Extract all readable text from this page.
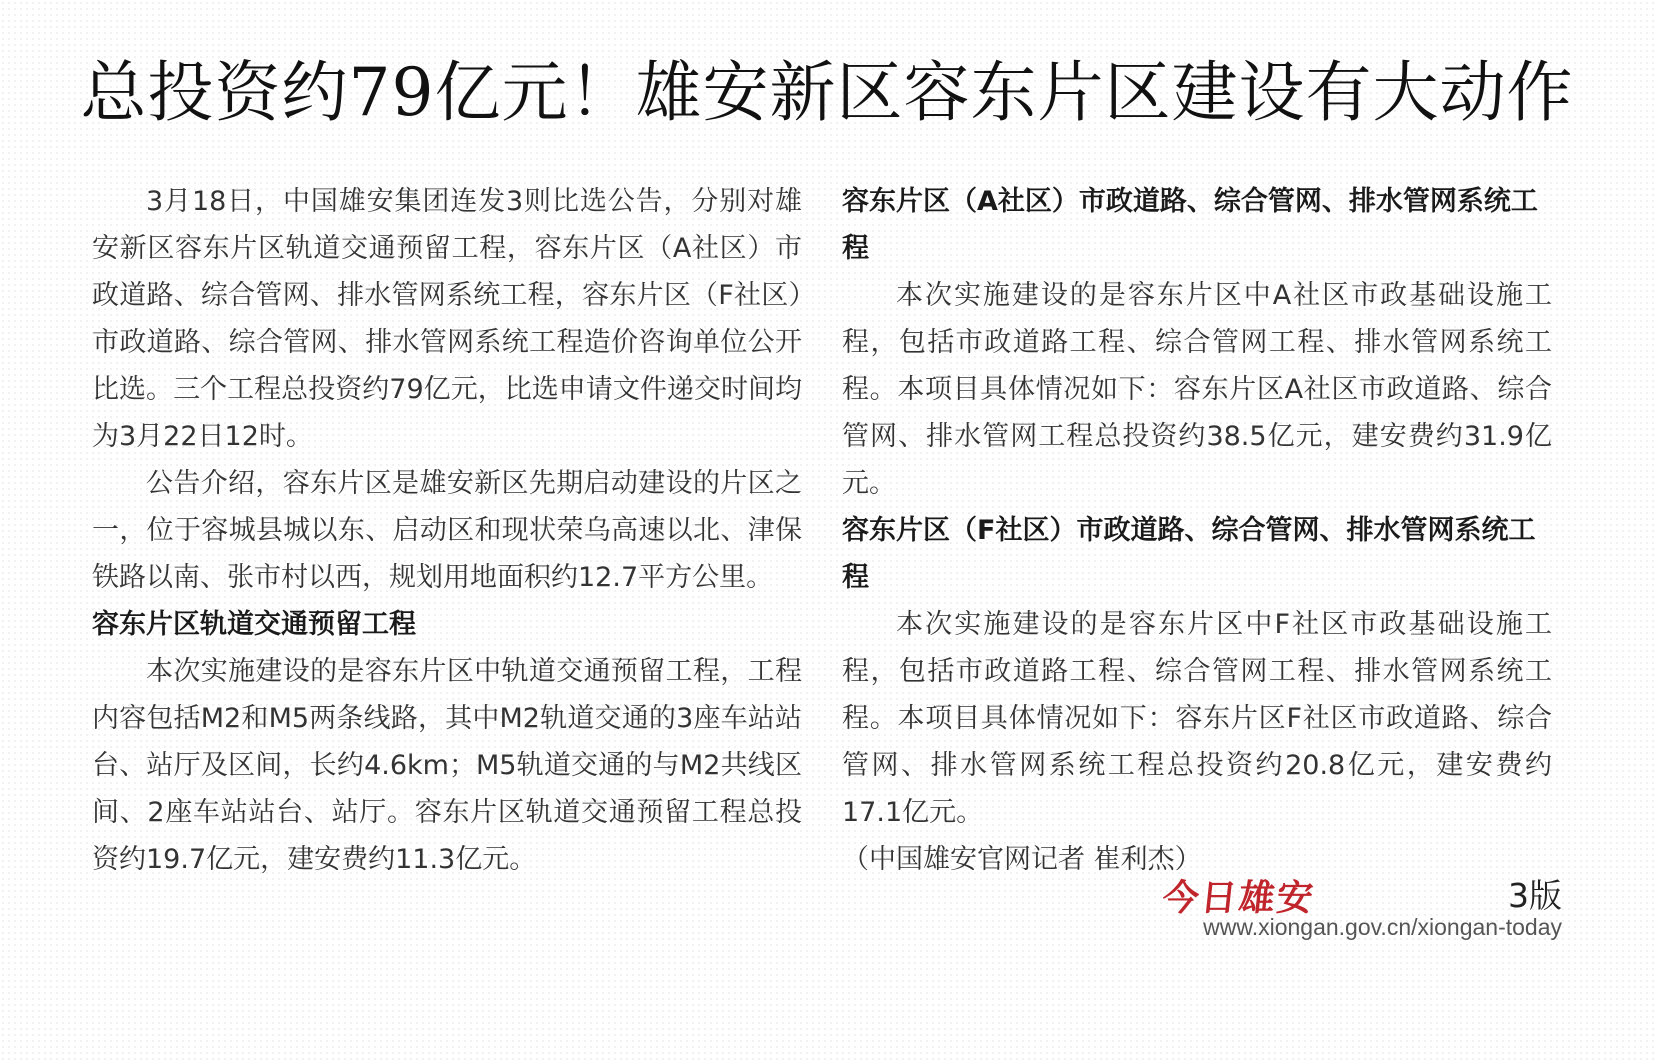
总投资约79亿元！雄安新区容东片区建设有大动作

3月18日，中国雄安集团连发3则比选公告，分别对雄安新区容东片区轨道交通预留工程，容东片区（A社区）市政道路、综合管网、排水管网系统工程，容东片区（F社区）市政道路、综合管网、排水管网系统工程造价咨询单位公开比选。三个工程总投资约79亿元，比选申请文件递交时间均为3月22日12时。

公告介绍，容东片区是雄安新区先期启动建设的片区之一，位于容城县城以东、启动区和现状荣乌高速以北、津保铁路以南、张市村以西，规划用地面积约12.7平方公里。

容东片区轨道交通预留工程

本次实施建设的是容东片区中轨道交通预留工程，工程内容包括M2和M5两条线路，其中M2轨道交通的3座车站站台、站厅及区间，长约4.6km；M5轨道交通的与M2共线区间、2座车站站台、站厅。容东片区轨道交通预留工程总投资约19.7亿元，建安费约11.3亿元。

容东片区（A社区）市政道路、综合管网、排水管网系统工程

本次实施建设的是容东片区中A社区市政基础设施工程，包括市政道路工程、综合管网工程、排水管网系统工程。本项目具体情况如下：容东片区A社区市政道路、综合管网、排水管网工程总投资约38.5亿元，建安费约31.9亿元。

容东片区（F社区）市政道路、综合管网、排水管网系统工程

本次实施建设的是容东片区中F社区市政基础设施工程，包括市政道路工程、综合管网工程、排水管网系统工程。本项目具体情况如下：容东片区F社区市政道路、综合管网、排水管网系统工程总投资约20.8亿元，建安费约17.1亿元。

（中国雄安官网记者 崔利杰）

今日雄安	3版
www.xiongan.gov.cn/xiongan-today
